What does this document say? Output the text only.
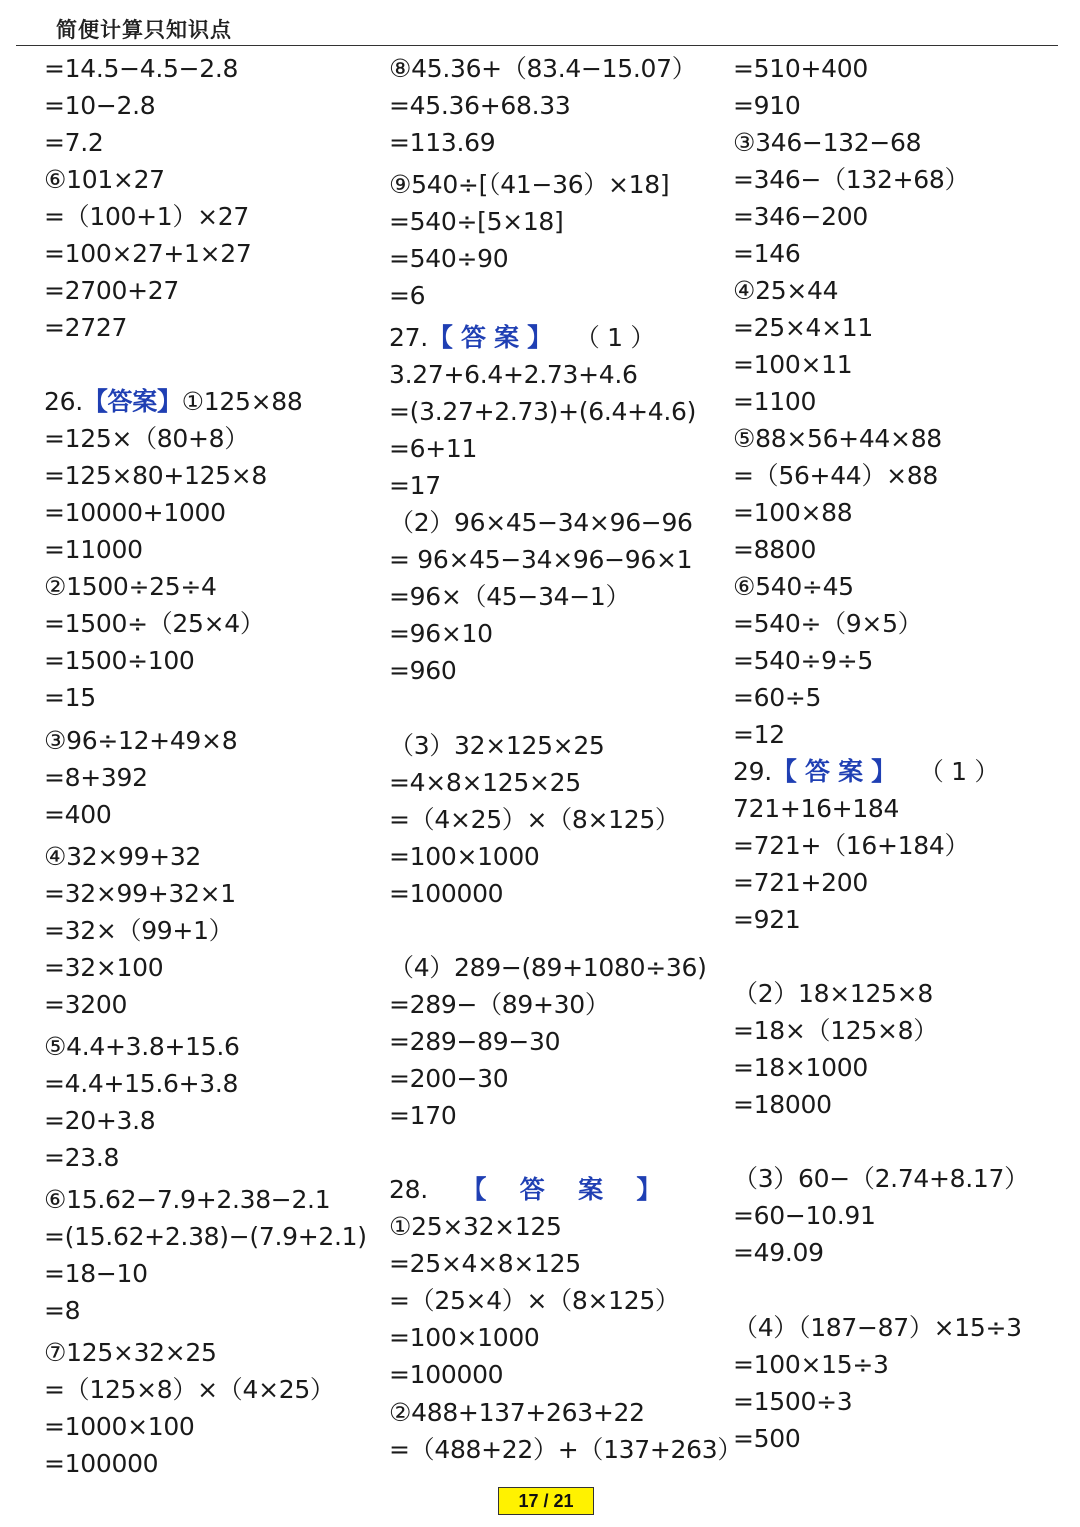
简便计算只知识点
=14.5−4.5−2.8
=10−2.8
=7.2
⑥101×27
=（100+1）×27
=100×27+1×27
=2700+27
=2727
26.【答案】①125×88
=125×（80+8）
=125×80+125×8
=10000+1000
=11000
②1500÷25÷4
=1500÷（25×4）
=1500÷100
=15
③96÷12+49×8
=8+392
=400
④32×99+32
=32×99+32×1
=32×（99+1）
=32×100
=3200
⑤4.4+3.8+15.6
=4.4+15.6+3.8
=20+3.8
=23.8
⑥15.62−7.9+2.38−2.1
=(15.62+2.38)−(7.9+2.1)
=18−10
=8
⑦125×32×25
=（125×8）×（4×25）
=1000×100
=100000
⑧45.36+（83.4−15.07）
=45.36+68.33
=113.69
⑨540÷[（41−36）×18]
=540÷[5×18]
=540÷90
=6
27.【 答 案 】   （ 1 ）
3.27+6.4+2.73+4.6
=(3.27+2.73)+(6.4+4.6)
=6+11
=17
（2）96×45−34×96−96
= 96×45−34×96−96×1
=96×（45−34−1）
=96×10
=960
（3）32×125×25
=4×8×125×25
=（4×25）×（8×125）
=100×1000
=100000
（4）289−(89+1080÷36)
=289−（89+30）
=289−89−30
=200−30
=170
28.    【    答    案    】
①25×32×125
=25×4×8×125
=（25×4）×（8×125）
=100×1000
=100000
②488+137+263+22
=（488+22）+（137+263）
=510+400
=910
③346−132−68
=346−（132+68）
=346−200
=146
④25×44
=25×4×11
=100×11
=1100
⑤88×56+44×88
=（56+44）×88
=100×88
=8800
⑥540÷45
=540÷（9×5）
=540÷9÷5
=60÷5
=12
29.【 答 案 】   （ 1 ）
721+16+184
=721+（16+184）
=721+200
=921
（2）18×125×8
=18×（125×8）
=18×1000
=18000
（3）60−（2.74+8.17）
=60−10.91
=49.09
（4）（187−87）×15÷3
=100×15÷3
=1500÷3
=500
17 / 21
